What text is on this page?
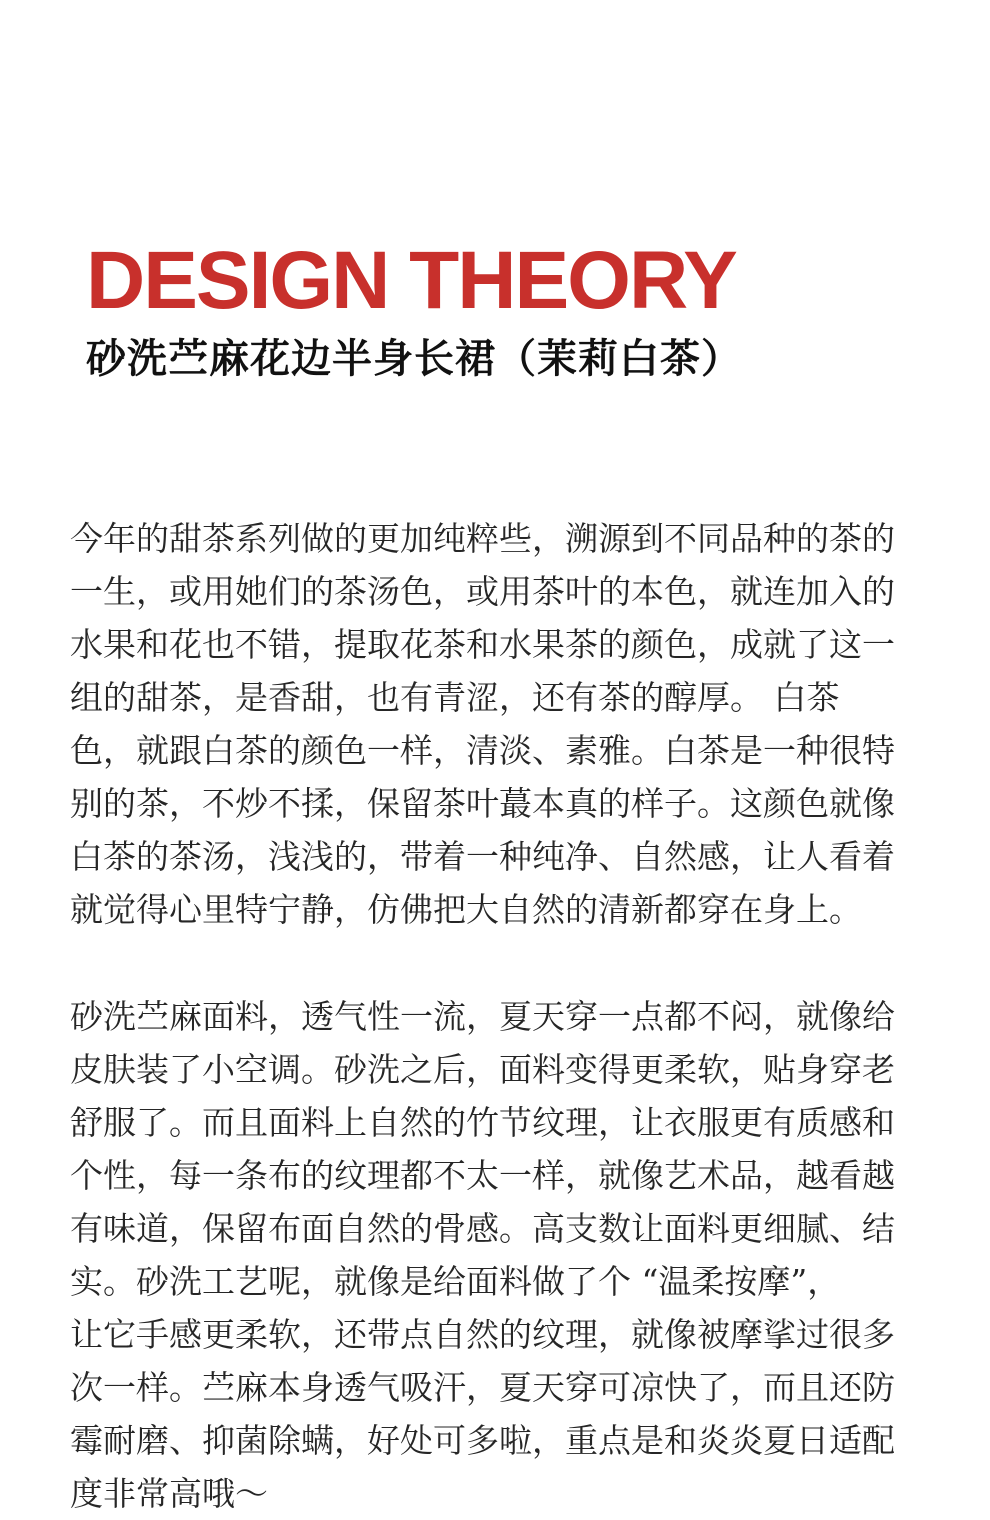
DESIGN THEORY
砂洗苎麻花边半身长裙（茉莉白茶）

今年的甜茶系列做的更加纯粹些，溯源到不同品种的茶的
一生，或用她们的茶汤色，或用茶叶的本色，就连加入的
水果和花也不错，提取花茶和水果茶的颜色，成就了这一
组的甜茶，是香甜，也有青涩，还有茶的醇厚。 白茶
色，就跟白茶的颜色一样，清淡、素雅。白茶是一种很特
别的茶，不炒不揉，保留茶叶蕞本真的样子。这颜色就像
白茶的茶汤，浅浅的，带着一种纯净、自然感，让人看着
就觉得心里特宁静，仿佛把大自然的清新都穿在身上。

砂洗苎麻面料，透气性一流，夏天穿一点都不闷，就像给
皮肤装了小空调。砂洗之后，面料变得更柔软，贴身穿老
舒服了。而且面料上自然的竹节纹理，让衣服更有质感和
个性，每一条布的纹理都不太一样，就像艺术品，越看越
有味道，保留布面自然的骨感。高支数让面料更细腻、结
实。砂洗工艺呢，就像是给面料做了个 “温柔按摩”，
让它手感更柔软，还带点自然的纹理，就像被摩挲过很多
次一样。苎麻本身透气吸汗，夏天穿可凉快了，而且还防
霉耐磨、抑菌除螨，好处可多啦，重点是和炎炎夏日适配
度非常高哦～
